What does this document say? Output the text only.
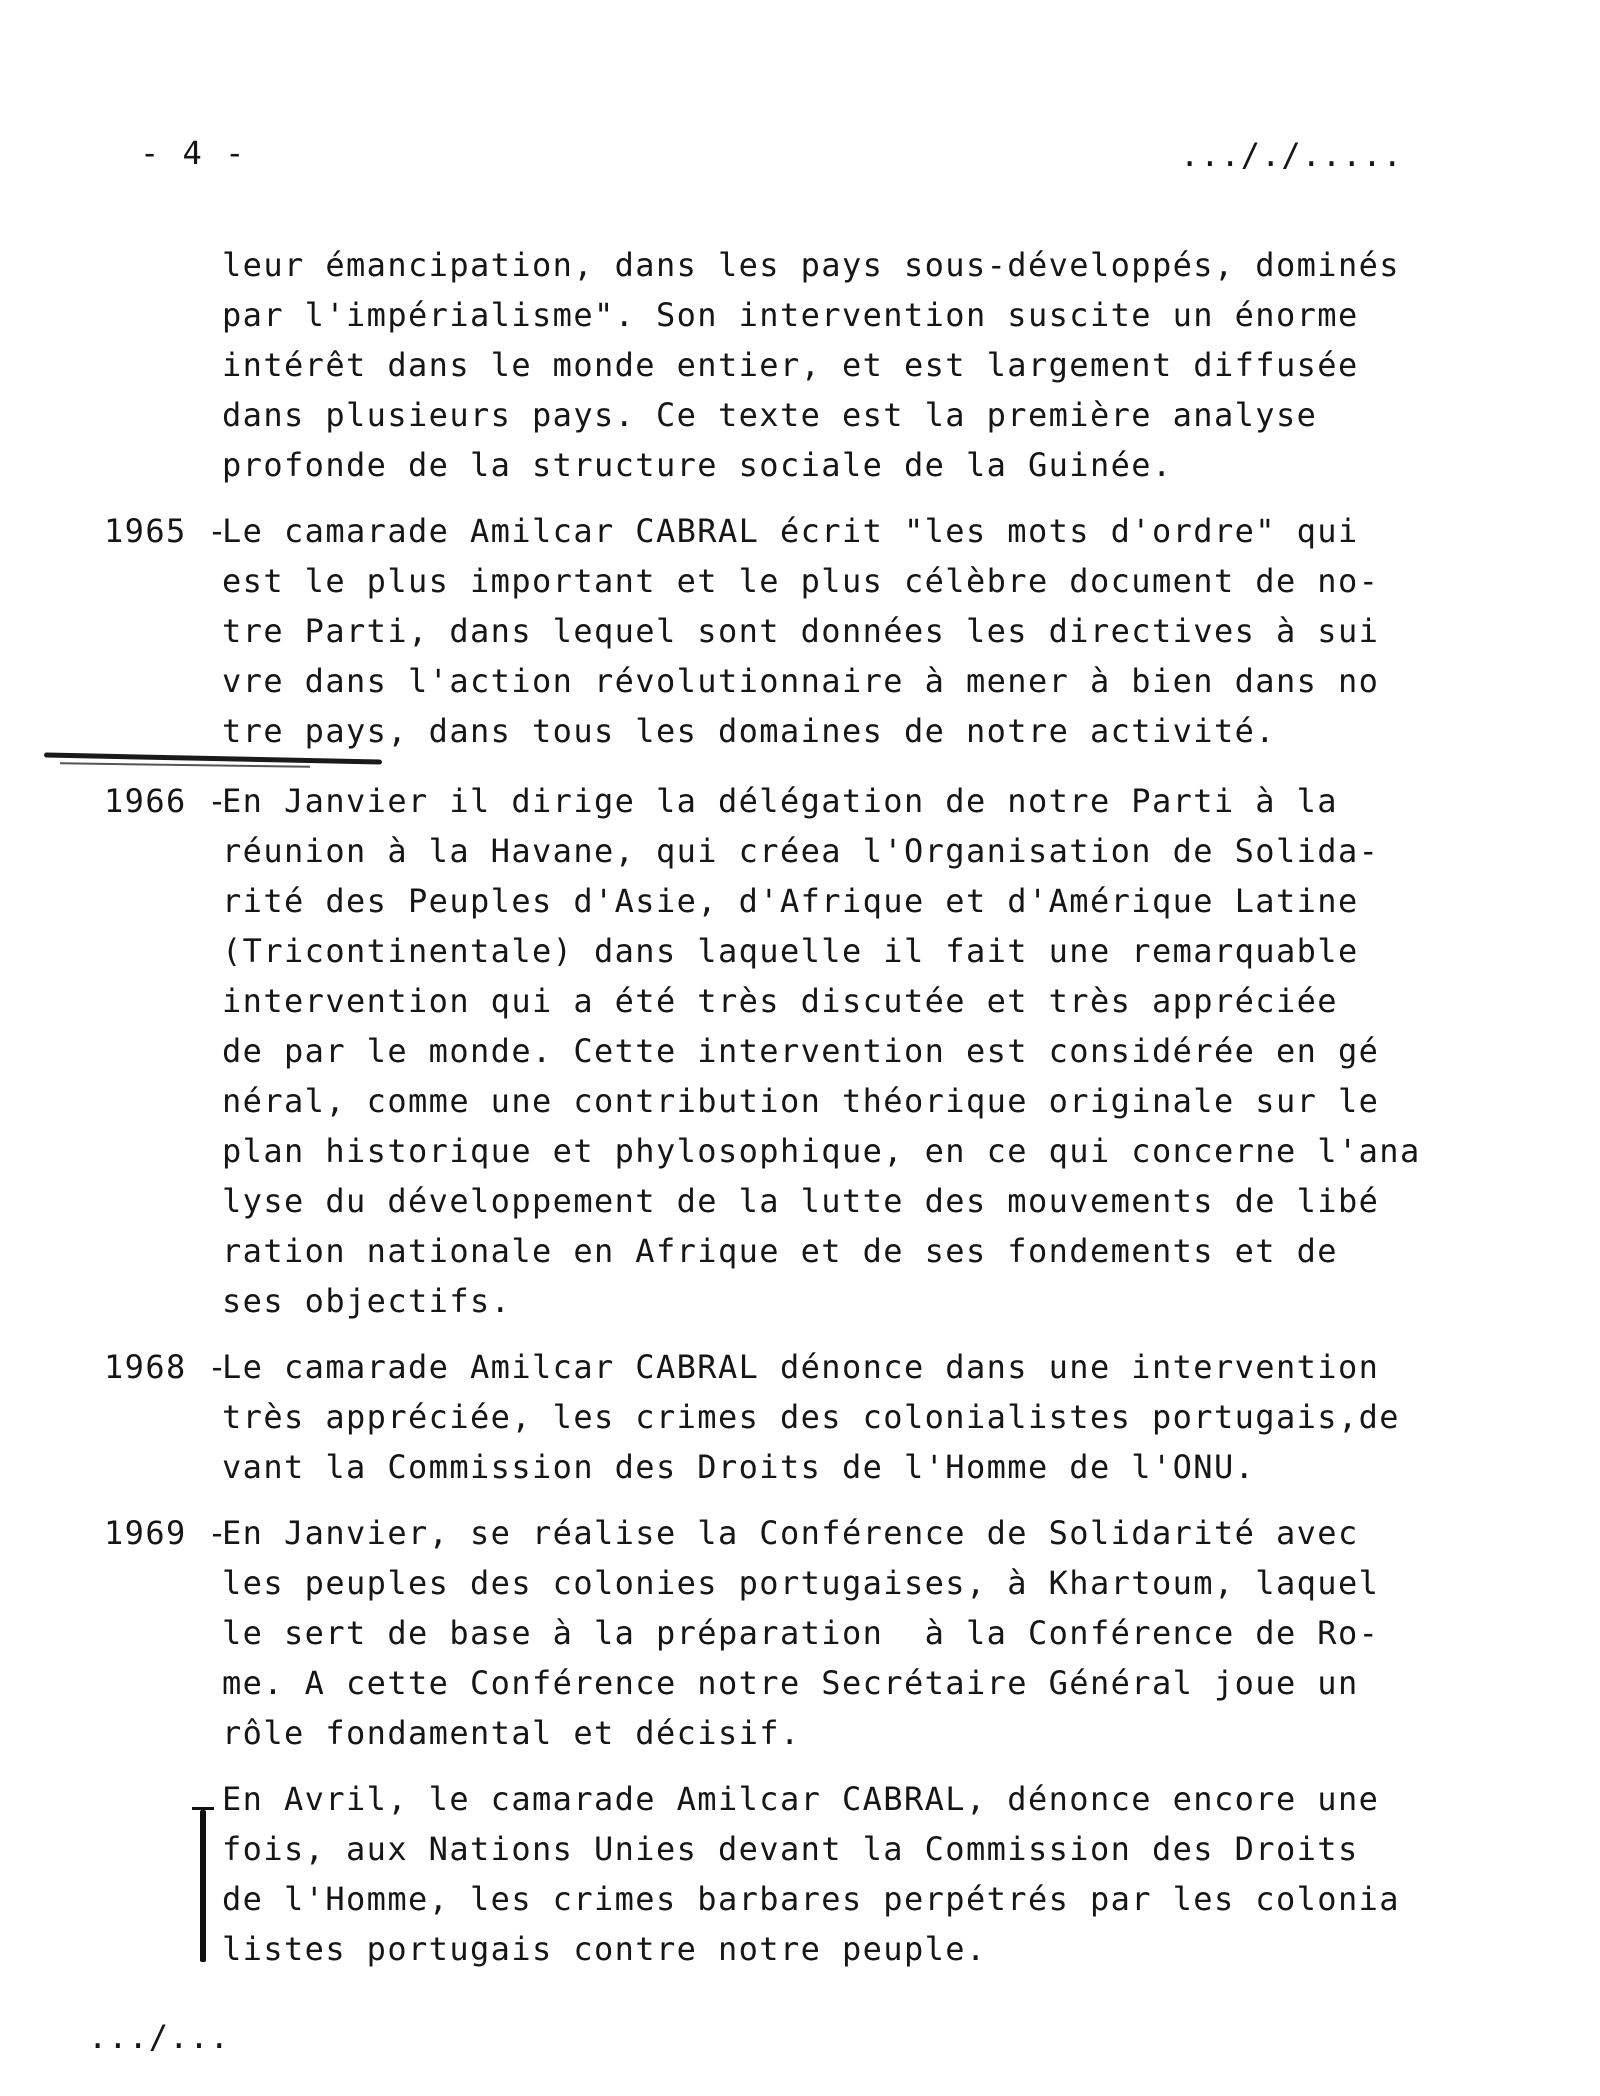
- 4 -	..././.....
leur émancipation, dans les pays sous-développés, dominés
par l'impérialisme". Son intervention suscite un énorme
intérêt dans le monde entier, et est largement diffusée
dans plusieurs pays. Ce texte est la première analyse
profonde de la structure sociale de la Guinée.
1965 -
Le camarade Amilcar CABRAL écrit "les mots d'ordre" qui
est le plus important et le plus célèbre document de no-
tre Parti, dans lequel sont données les directives à sui
vre dans l'action révolutionnaire à mener à bien dans no
tre pays, dans tous les domaines de notre activité.
1966 -
En Janvier il dirige la délégation de notre Parti à la
réunion à la Havane, qui créea l'Organisation de Solida-
rité des Peuples d'Asie, d'Afrique et d'Amérique Latine
(Tricontinentale) dans laquelle il fait une remarquable
intervention qui a été très discutée et très appréciée
de par le monde. Cette intervention est considérée en gé
néral, comme une contribution théorique originale sur le
plan historique et phylosophique, en ce qui concerne l'ana
lyse du développement de la lutte des mouvements de libé
ration nationale en Afrique et de ses fondements et de
ses objectifs.
1968 -
Le camarade Amilcar CABRAL dénonce dans une intervention
très appréciée, les crimes des colonialistes portugais,de
vant la Commission des Droits de l'Homme de l'ONU.
1969 -
En Janvier, se réalise la Conférence de Solidarité avec
les peuples des colonies portugaises, à Khartoum, laquel
le sert de base à la préparation  à la Conférence de Ro-
me. A cette Conférence notre Secrétaire Général joue un
rôle fondamental et décisif.
En Avril, le camarade Amilcar CABRAL, dénonce encore une
fois, aux Nations Unies devant la Commission des Droits
de l'Homme, les crimes barbares perpétrés par les colonia
listes portugais contre notre peuple.
.../...
